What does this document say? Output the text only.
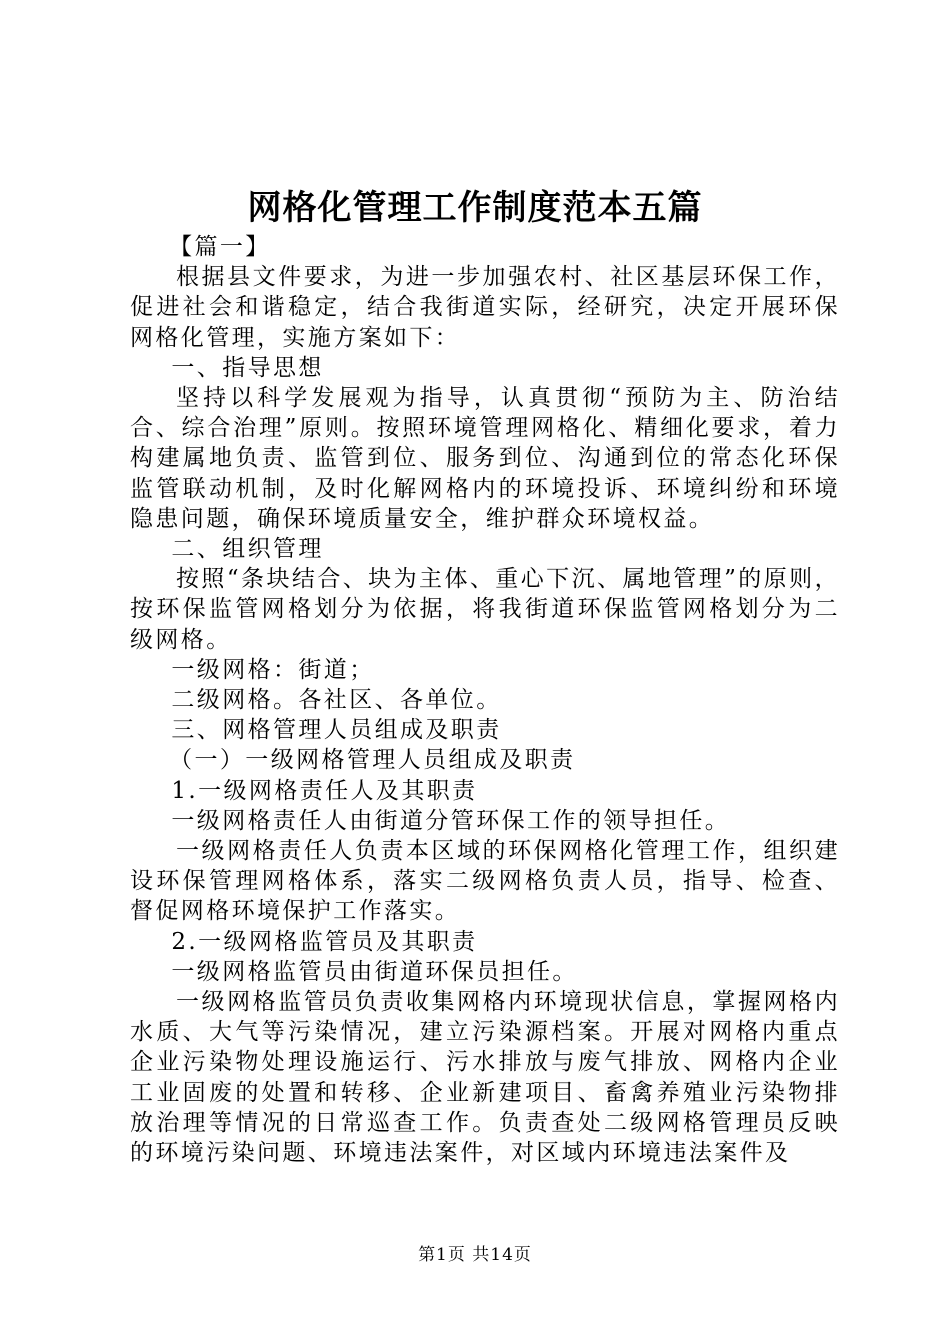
网格化管理工作制度范本五篇

【篇一】

根据县文件要求，为进一步加强农村、社区基层环保工作，促进社会和谐稳定，结合我街道实际，经研究，决定开展环保网格化管理，实施方案如下：

一、指导思想

坚持以科学发展观为指导，认真贯彻“预防为主、防治结合、综合治理”原则。按照环境管理网格化、精细化要求，着力构建属地负责、监管到位、服务到位、沟通到位的常态化环保监管联动机制，及时化解网格内的环境投诉、环境纠纷和环境隐患问题，确保环境质量安全，维护群众环境权益。

二、组织管理

按照“条块结合、块为主体、重心下沉、属地管理”的原则，按环保监管网格划分为依据，将我街道环保监管网格划分为二级网格。

一级网格：街道；

二级网格。各社区、各单位。

三、网格管理人员组成及职责

（一）一级网格管理人员组成及职责

1.一级网格责任人及其职责

一级网格责任人由街道分管环保工作的领导担任。

一级网格责任人负责本区域的环保网格化管理工作，组织建设环保管理网格体系，落实二级网格负责人员，指导、检查、督促网格环境保护工作落实。

2.一级网格监管员及其职责

一级网格监管员由街道环保员担任。

一级网格监管员负责收集网格内环境现状信息，掌握网格内水质、大气等污染情况，建立污染源档案。开展对网格内重点企业污染物处理设施运行、污水排放与废气排放、网格内企业工业固废的处置和转移、企业新建项目、畜禽养殖业污染物排放治理等情况的日常巡查工作。负责查处二级网格管理员反映的环境污染问题、环境违法案件，对区域内环境违法案件及

第1页 共14页
